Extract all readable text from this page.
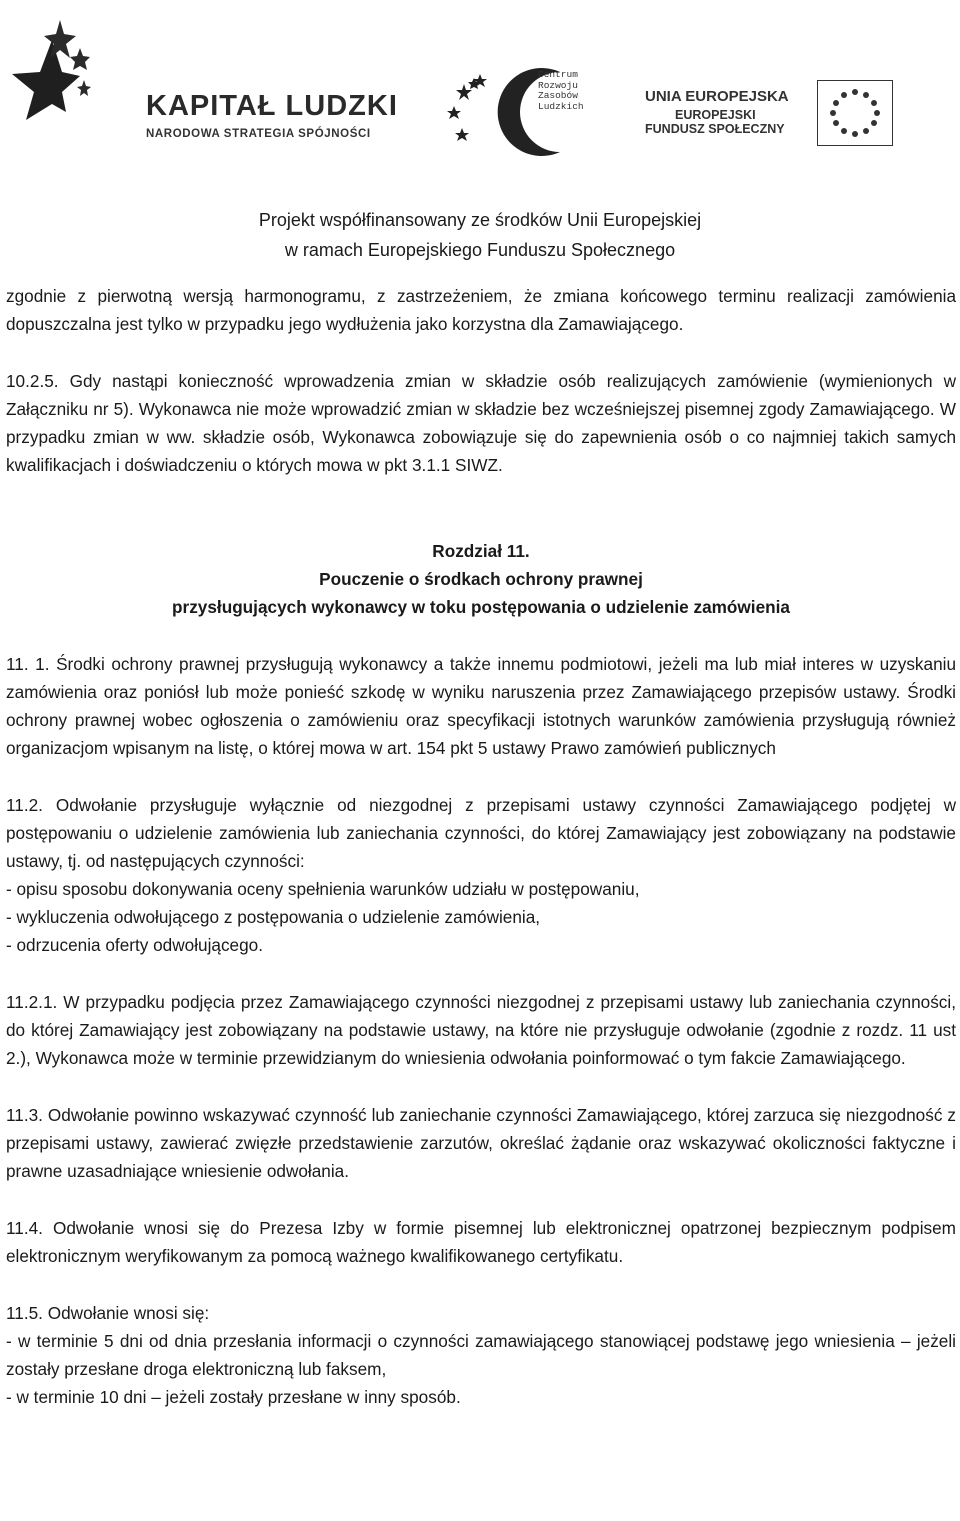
KAPITAŁ LUDZKI
NARODOWA STRATEGIA SPÓJNOŚCI
Centrum
Rozwoju
Zasobów
Ludzkich
UNIA EUROPEJSKA
EUROPEJSKI
FUNDUSZ SPOŁECZNY
Projekt współfinansowany ze środków Unii Europejskiej
w ramach Europejskiego Funduszu Społecznego

zgodnie z pierwotną wersją harmonogramu, z zastrzeżeniem, że zmiana końcowego terminu realizacji zamówienia dopuszczalna jest tylko w przypadku jego wydłużenia jako korzystna dla Zamawiającego.

10.2.5. Gdy nastąpi konieczność wprowadzenia zmian w składzie osób realizujących zamówienie (wymienionych w Załączniku nr 5). Wykonawca nie może wprowadzić zmian w składzie bez wcześniejszej pisemnej zgody Zamawiającego. W przypadku zmian w ww. składzie osób, Wykonawca zobowiązuje się do zapewnienia osób o co najmniej takich samych kwalifikacjach i doświadczeniu o których mowa w pkt 3.1.1 SIWZ.

Rozdział 11.
Pouczenie o środkach ochrony prawnej
przysługujących wykonawcy w toku postępowania o udzielenie zamówienia

11. 1. Środki ochrony prawnej przysługują wykonawcy a także innemu podmiotowi, jeżeli ma lub miał interes w uzyskaniu zamówienia oraz poniósł lub może ponieść szkodę w wyniku naruszenia przez Zamawiającego przepisów ustawy. Środki ochrony prawnej wobec ogłoszenia o zamówieniu oraz specyfikacji istotnych warunków zamówienia przysługują również organizacjom wpisanym na listę, o której mowa w art. 154 pkt 5 ustawy Prawo zamówień publicznych

11.2. Odwołanie przysługuje wyłącznie od niezgodnej z przepisami ustawy czynności Zamawiającego podjętej w postępowaniu o udzielenie zamówienia lub zaniechania czynności, do której Zamawiający jest zobowiązany na podstawie ustawy, tj. od następujących czynności:

- opisu sposobu dokonywania oceny spełnienia warunków udziału w postępowaniu,

- wykluczenia odwołującego z postępowania o udzielenie zamówienia,

- odrzucenia oferty odwołującego.

11.2.1. W przypadku podjęcia przez Zamawiającego czynności niezgodnej z przepisami ustawy lub zaniechania czynności, do której Zamawiający jest zobowiązany na podstawie ustawy, na które nie przysługuje odwołanie (zgodnie z rozdz. 11 ust 2.), Wykonawca może w terminie przewidzianym do wniesienia odwołania poinformować o tym fakcie Zamawiającego.

11.3. Odwołanie powinno wskazywać czynność lub zaniechanie czynności Zamawiającego, której zarzuca się niezgodność z przepisami ustawy, zawierać zwięzłe przedstawienie zarzutów, określać żądanie oraz wskazywać okoliczności faktyczne i prawne uzasadniające wniesienie odwołania.

11.4. Odwołanie wnosi się do Prezesa Izby w formie pisemnej lub elektronicznej opatrzonej bezpiecznym podpisem elektronicznym weryfikowanym za pomocą ważnego kwalifikowanego certyfikatu.

11.5. Odwołanie wnosi się:

- w terminie 5 dni od dnia przesłania informacji o czynności zamawiającego stanowiącej podstawę jego wniesienia – jeżeli zostały przesłane droga elektroniczną lub faksem,

- w terminie 10 dni – jeżeli zostały przesłane w inny sposób.
